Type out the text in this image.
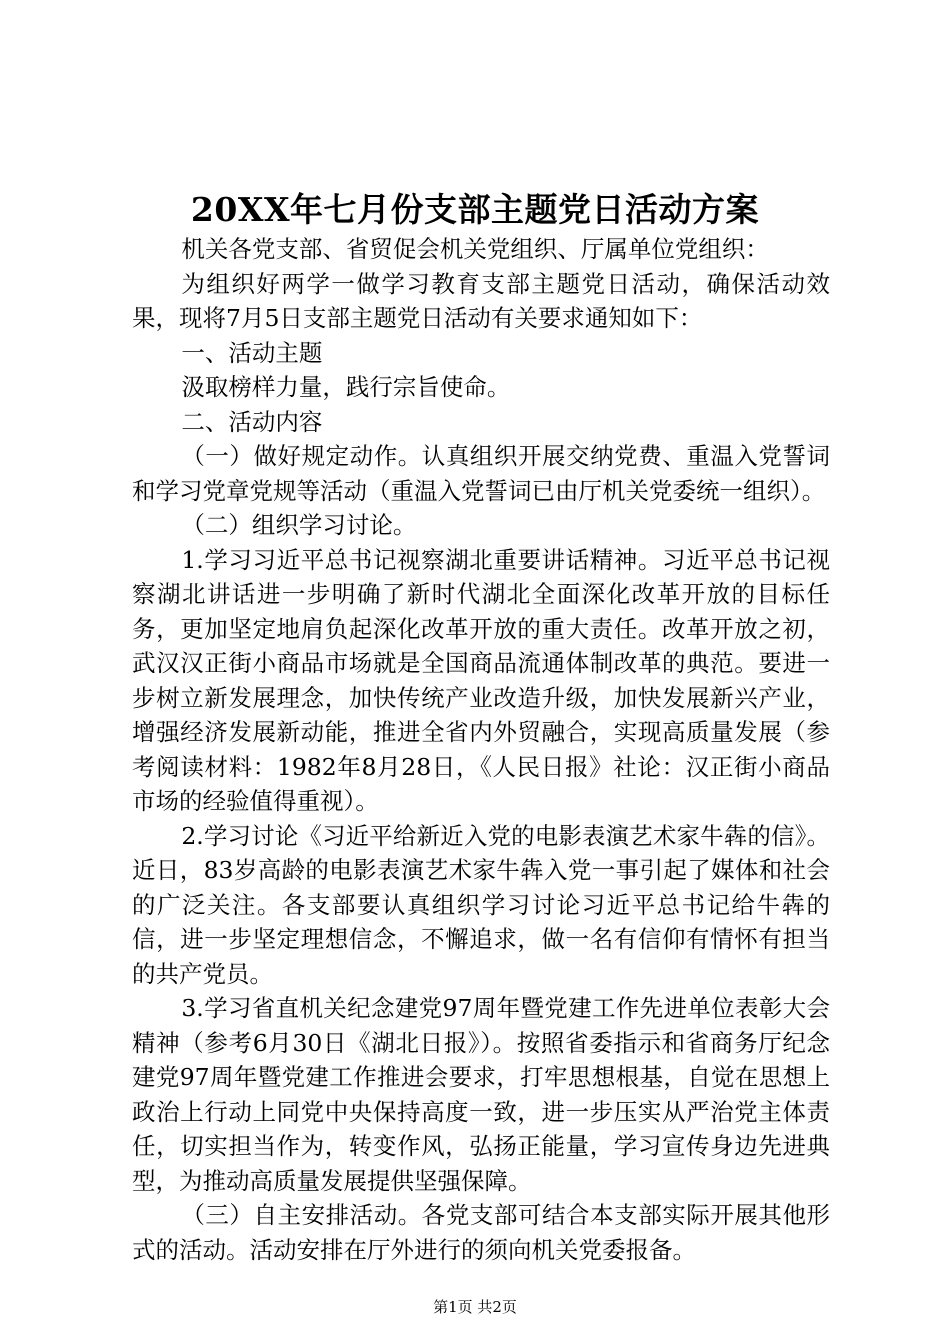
20XX年七月份支部主题党日活动方案

机关各党支部、省贸促会机关党组织、厅属单位党组织：

为组织好两学一做学习教育支部主题党日活动，确保活动效果，现将7月5日支部主题党日活动有关要求通知如下：

一、活动主题

汲取榜样力量，践行宗旨使命。

二、活动内容

（一）做好规定动作。认真组织开展交纳党费、重温入党誓词和学习党章党规等活动（重温入党誓词已由厅机关党委统一组织）。

（二）组织学习讨论。

1.学习习近平总书记视察湖北重要讲话精神。习近平总书记视察湖北讲话进一步明确了新时代湖北全面深化改革开放的目标任务，更加坚定地肩负起深化改革开放的重大责任。改革开放之初，武汉汉正街小商品市场就是全国商品流通体制改革的典范。要进一步树立新发展理念，加快传统产业改造升级，加快发展新兴产业，增强经济发展新动能，推进全省内外贸融合，实现高质量发展（参考阅读材料：1982年8月28日，《人民日报》社论：汉正街小商品市场的经验值得重视）。

2.学习讨论《习近平给新近入党的电影表演艺术家牛犇的信》。近日，83岁高龄的电影表演艺术家牛犇入党一事引起了媒体和社会的广泛关注。各支部要认真组织学习讨论习近平总书记给牛犇的信，进一步坚定理想信念，不懈追求，做一名有信仰有情怀有担当的共产党员。

3.学习省直机关纪念建党97周年暨党建工作先进单位表彰大会精神（参考6月30日《湖北日报》）。按照省委指示和省商务厅纪念建党97周年暨党建工作推进会要求，打牢思想根基，自觉在思想上政治上行动上同党中央保持高度一致，进一步压实从严治党主体责任，切实担当作为，转变作风，弘扬正能量，学习宣传身边先进典型，为推动高质量发展提供坚强保障。

（三）自主安排活动。各党支部可结合本支部实际开展其他形式的活动。活动安排在厅外进行的须向机关党委报备。

第1页 共2页
